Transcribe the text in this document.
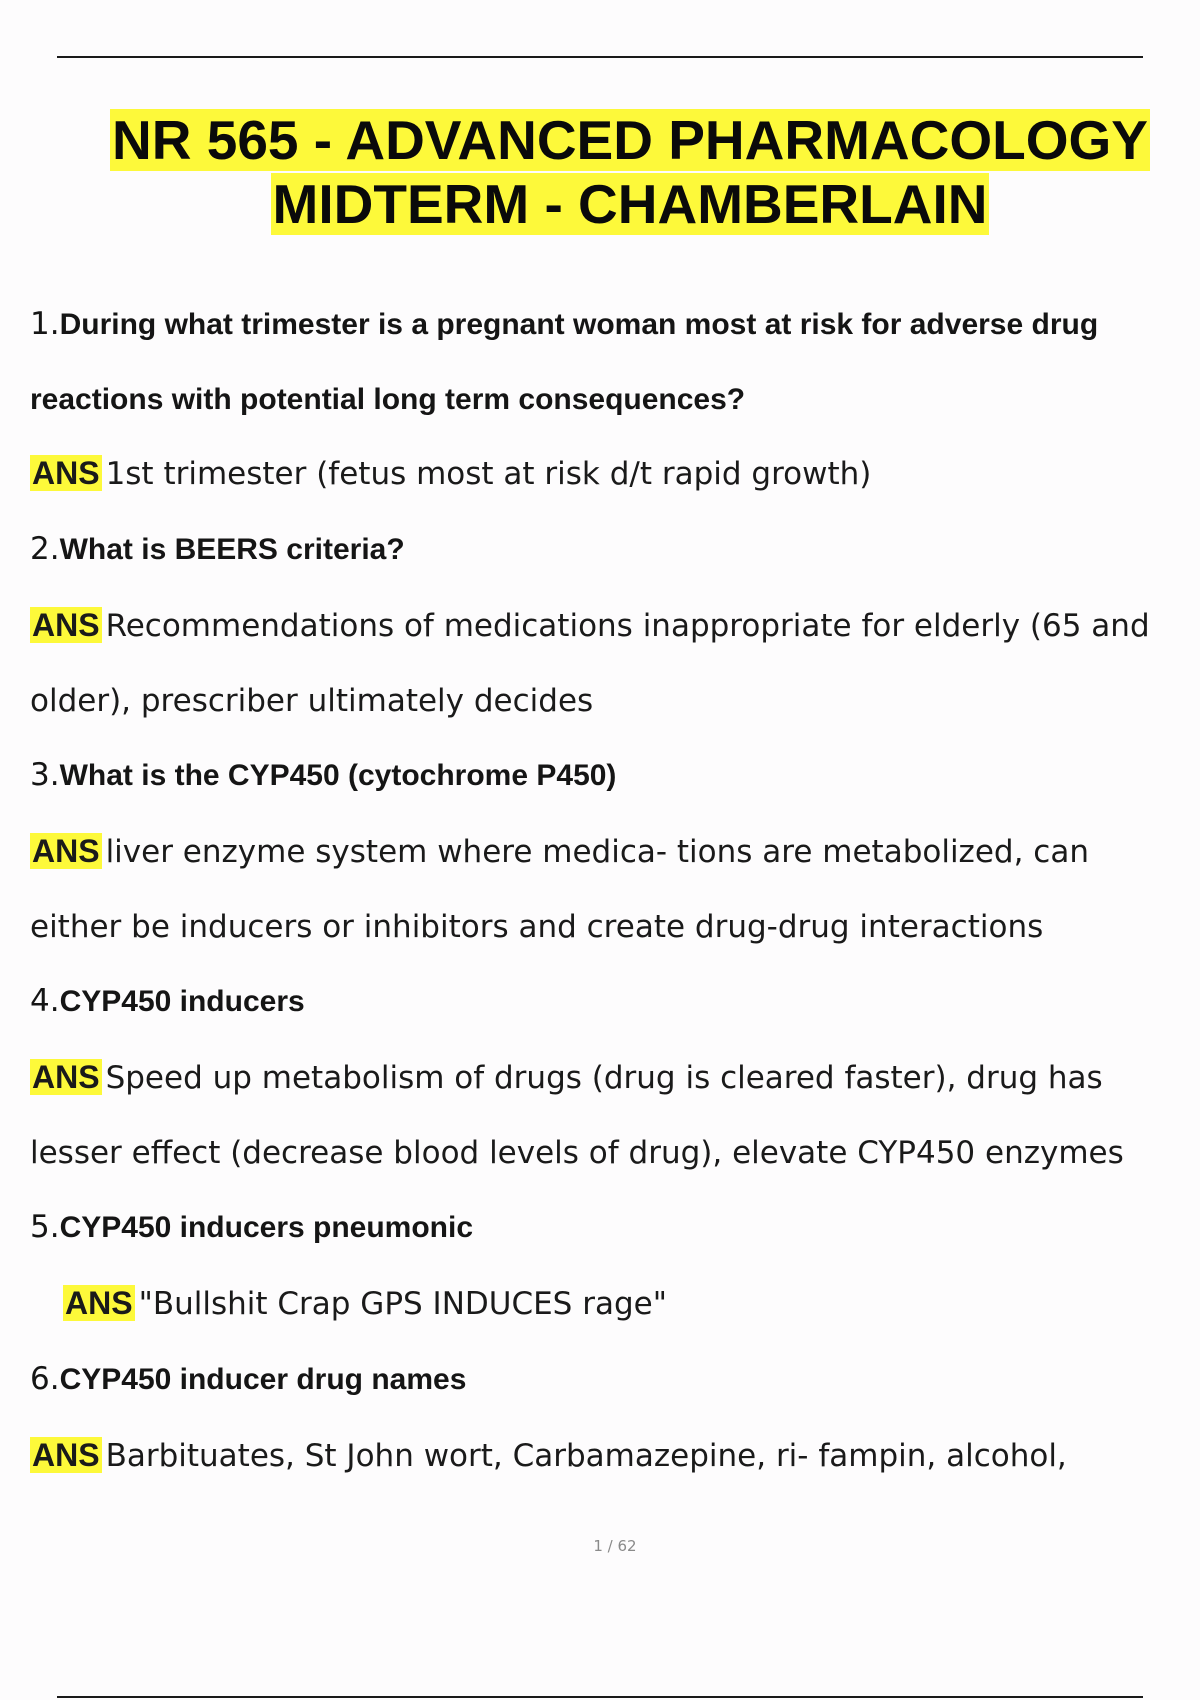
NR 565 - ADVANCED PHARMACOLOGY
MIDTERM - CHAMBERLAIN
1.During what trimester is a pregnant woman most at risk for adverse drug reactions with potential long term consequences?
ANS 1st trimester (fetus most at risk d/t rapid growth)
2.What is BEERS criteria?
ANS Recommendations of medications inappropriate for elderly (65 and older), prescriber ultimately decides
3.What is the CYP450 (cytochrome P450)
ANS liver enzyme system where medica- tions are metabolized, can either be inducers or inhibitors and create drug-drug interactions
4.CYP450 inducers
ANS Speed up metabolism of drugs (drug is cleared faster), drug has lesser effect (decrease blood levels of drug), elevate CYP450 enzymes
5.CYP450 inducers pneumonic
ANS "Bullshit Crap GPS INDUCES rage"
6.CYP450 inducer drug names
ANS Barbituates, St John wort, Carbamazepine, ri- fampin, alcohol,
1 / 62
